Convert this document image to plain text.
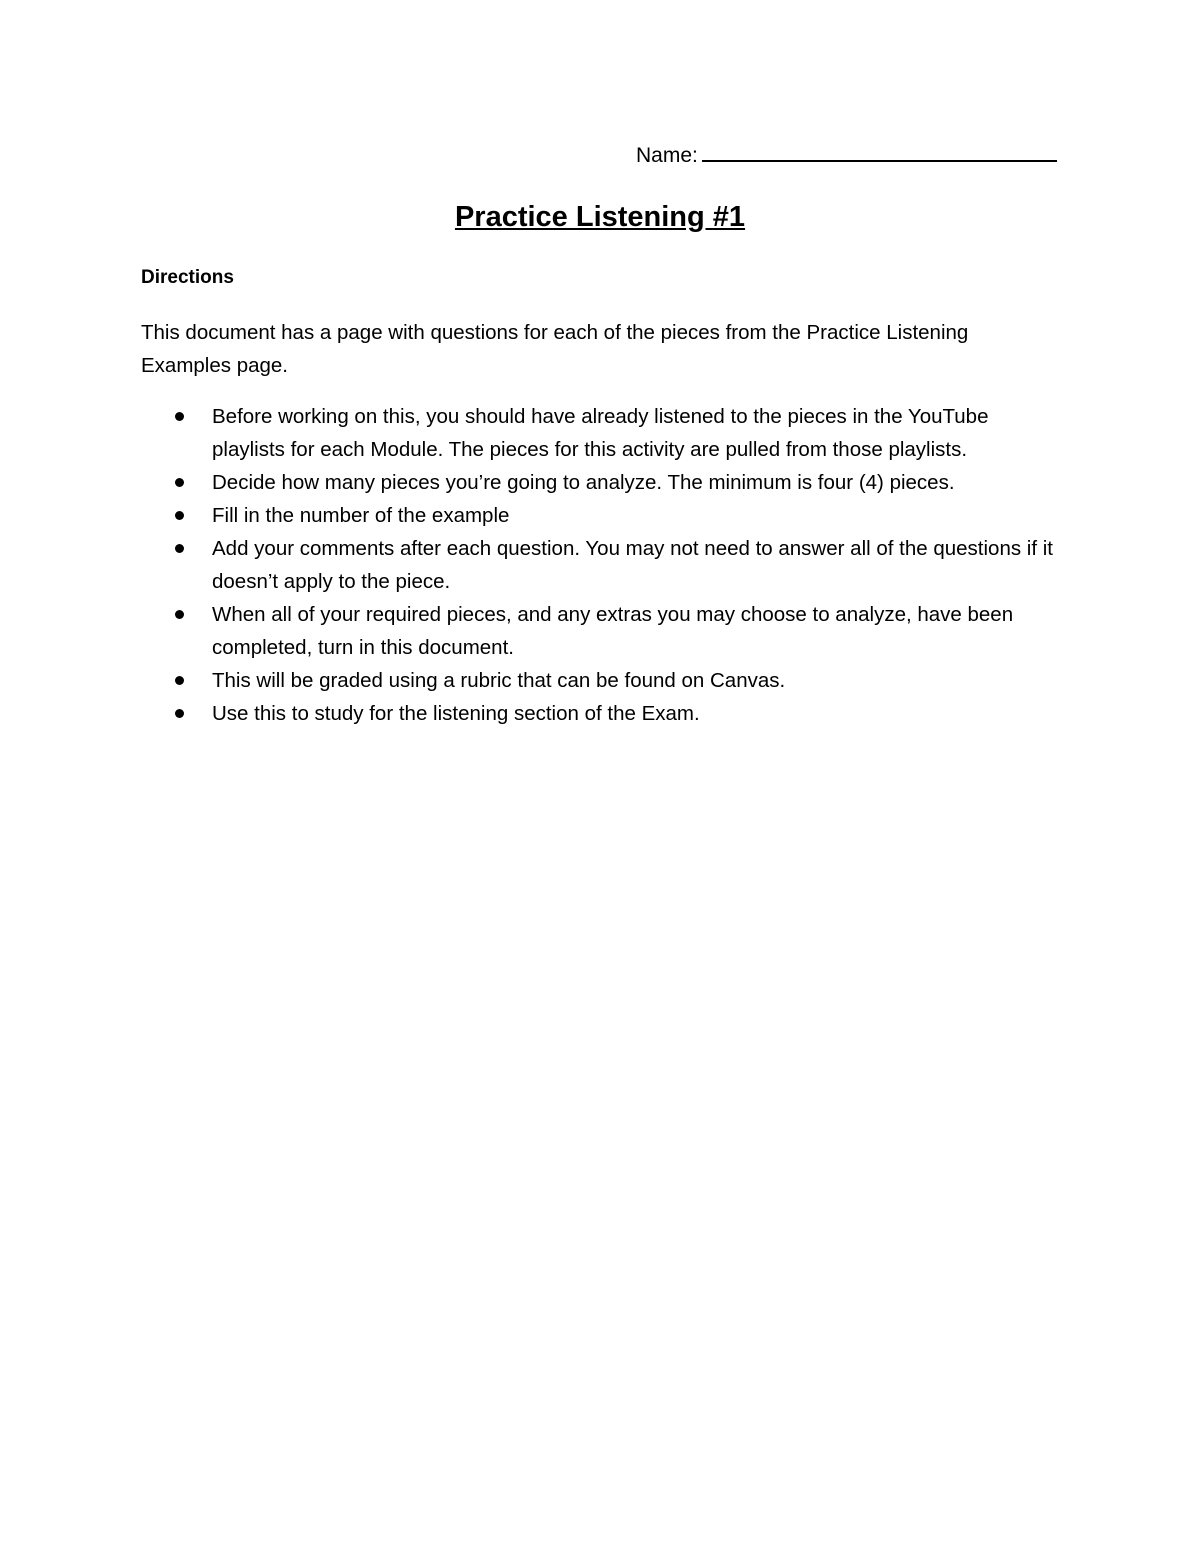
Name:
Practice Listening #1
Directions
This document has a page with questions for each of the pieces from the Practice Listening Examples page.
Before working on this, you should have already listened to the pieces in the YouTube playlists for each Module. The pieces for this activity are pulled from those playlists.
Decide how many pieces you’re going to analyze. The minimum is four (4) pieces.
Fill in the number of the example
Add your comments after each question. You may not need to answer all of the questions if it doesn’t apply to the piece.
When all of your required pieces, and any extras you may choose to analyze, have been completed, turn in this document.
This will be graded using a rubric that can be found on Canvas.
Use this to study for the listening section of the Exam.
